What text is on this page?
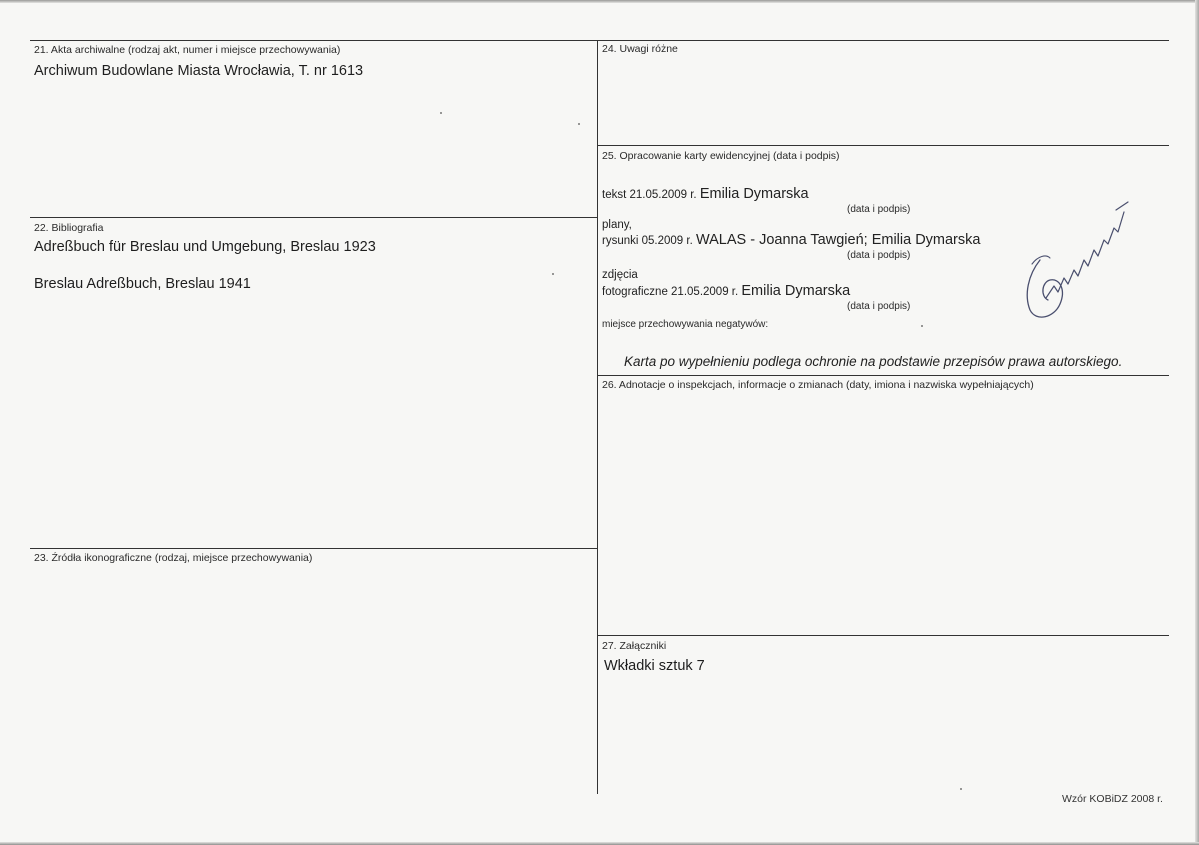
21. Akta archiwalne (rodzaj akt, numer i miejsce przechowywania)
Archiwum Budowlane Miasta Wrocławia, T. nr 1613
22. Bibliografia
Adreßbuch für Breslau und Umgebung, Breslau 1923
Breslau Adreßbuch, Breslau 1941
23. Źródła ikonograficzne (rodzaj, miejsce przechowywania)
24. Uwagi różne
25. Opracowanie karty ewidencyjnej (data i podpis)
tekst 21.05.2009 r. Emilia Dymarska
(data i podpis)
plany,
rysunki 05.2009 r. WALAS - Joanna Tawgień; Emilia Dymarska
(data i podpis)
zdjęcia
fotograficzne 21.05.2009 r. Emilia Dymarska
(data i podpis)
miejsce przechowywania negatywów:
Karta po wypełnieniu podlega ochronie na podstawie przepisów prawa autorskiego.
26. Adnotacje o inspekcjach, informacje o zmianach (daty, imiona i nazwiska wypełniających)
27. Załączniki
Wkładki sztuk 7
Wzór KOBiDZ 2008 r.
